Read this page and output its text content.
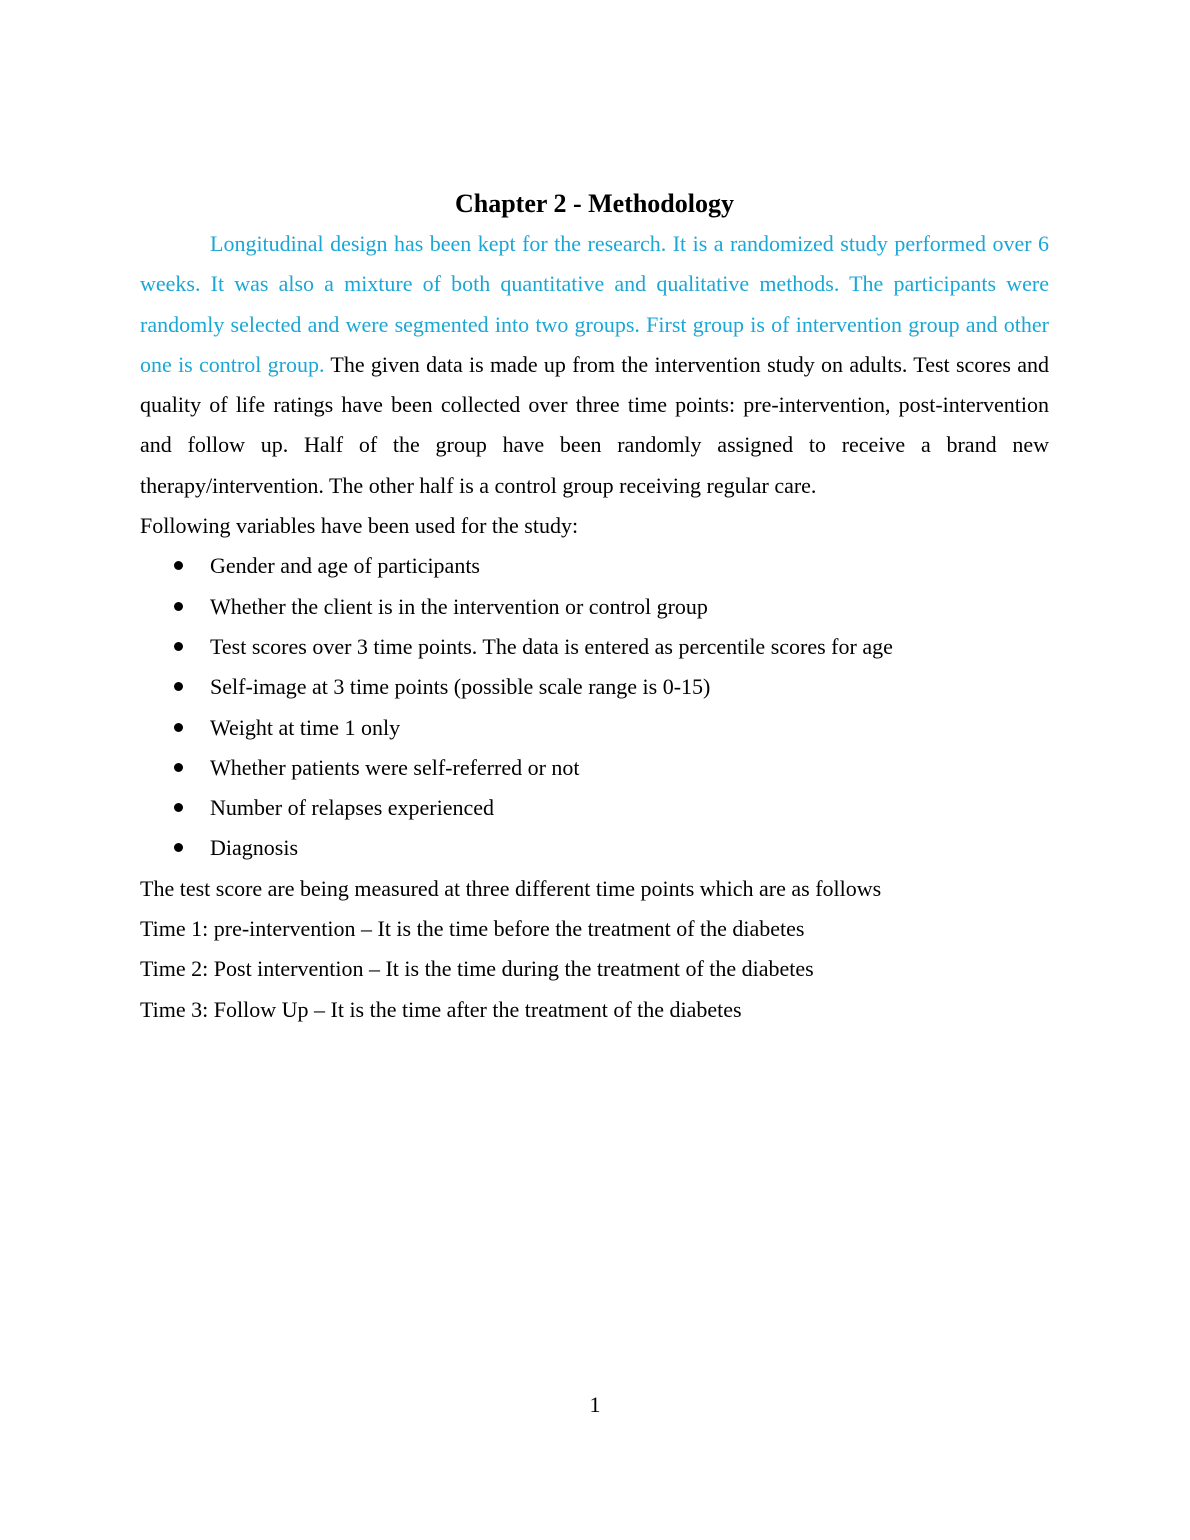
Chapter 2 - Methodology

Longitudinal design has been kept for the research. It is a randomized study performed over 6 weeks. It was also a mixture of both quantitative and qualitative methods. The participants were randomly selected and were segmented into two groups. First group is of intervention group and other one is control group. The given data is made up from the intervention study on adults. Test scores and quality of life ratings have been collected over three time points: pre-intervention, post-intervention and follow up. Half of the group have been randomly assigned to receive a brand new therapy/intervention. The other half is a control group receiving regular care.

Following variables have been used for the study:

Gender and age of participants
Whether the client is in the intervention or control group
Test scores over 3 time points. The data is entered as percentile scores for age
Self-image at 3 time points (possible scale range is 0-15)
Weight at time 1 only
Whether patients were self-referred or not
Number of relapses experienced
Diagnosis

The test score are being measured at three different time points which are as follows

Time 1: pre-intervention – It is the time before the treatment of the diabetes

Time 2: Post intervention – It is the time during the treatment of the diabetes

Time 3: Follow Up – It is the time after the treatment of the diabetes

1
